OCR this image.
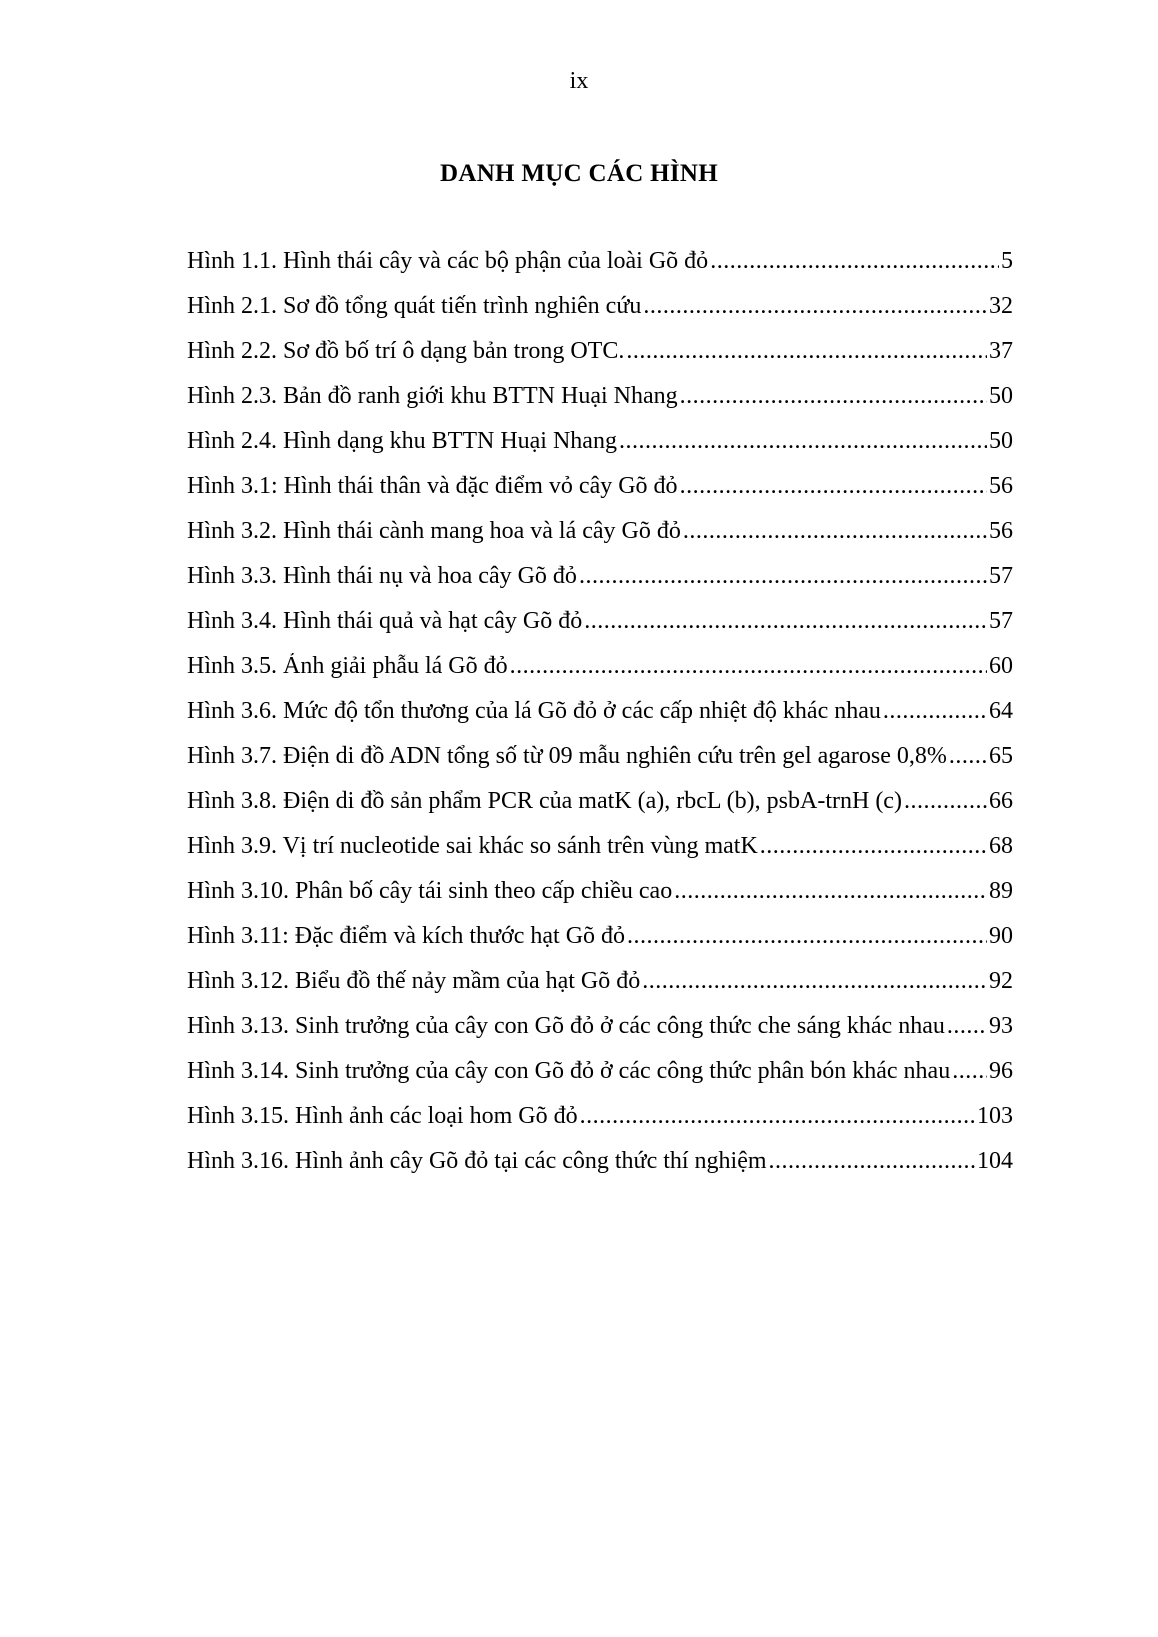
ix
DANH MỤC CÁC HÌNH
Hình 1.1. Hình thái cây và các bộ phận của loài Gõ đỏ .....	5
Hình 2.1. Sơ đồ tổng quát tiến trình nghiên cứu .....	32
Hình 2.2. Sơ đồ bố trí ô dạng bản trong OTC. .....	37
Hình 2.3. Bản đồ ranh giới khu BTTN Huại Nhang .....	50
Hình 2.4. Hình dạng khu BTTN Huại Nhang .....	50
Hình 3.1: Hình thái thân và đặc điểm vỏ cây Gõ đỏ .....	56
Hình 3.2. Hình thái cành mang hoa và lá cây Gõ đỏ .....	56
Hình 3.3. Hình thái nụ và hoa cây Gõ đỏ .....	57
Hình 3.4. Hình thái quả và hạt cây Gõ đỏ .....	57
Hình 3.5. Ảnh giải phẫu lá Gõ đỏ .....	60
Hình 3.6. Mức độ tổn thương của lá Gõ đỏ ở các cấp nhiệt độ khác nhau .....	64
Hình 3.7. Điện di đồ ADN tổng số từ 09 mẫu nghiên cứu trên gel agarose 0,8% ..... 65
Hình 3.8. Điện di đồ sản phẩm PCR của matK (a), rbcL (b), psbA-trnH (c) .....	66
Hình 3.9. Vị trí nucleotide sai khác so sánh trên vùng matK .....	68
Hình 3.10. Phân bố cây tái sinh theo cấp chiều cao .....	89
Hình 3.11: Đặc điểm và kích thước hạt Gõ đỏ .....	90
Hình 3.12. Biểu đồ thế nảy mầm của hạt Gõ đỏ .....	92
Hình 3.13. Sinh trưởng của cây con Gõ đỏ ở các công thức che sáng khác nhau ..... 93
Hình 3.14. Sinh trưởng của cây con Gõ đỏ ở các công thức phân bón khác nhau ..... 96
Hình 3.15. Hình ảnh các loại hom Gõ đỏ .....	103
Hình 3.16. Hình ảnh cây Gõ đỏ tại các công thức thí nghiệm .....	104
